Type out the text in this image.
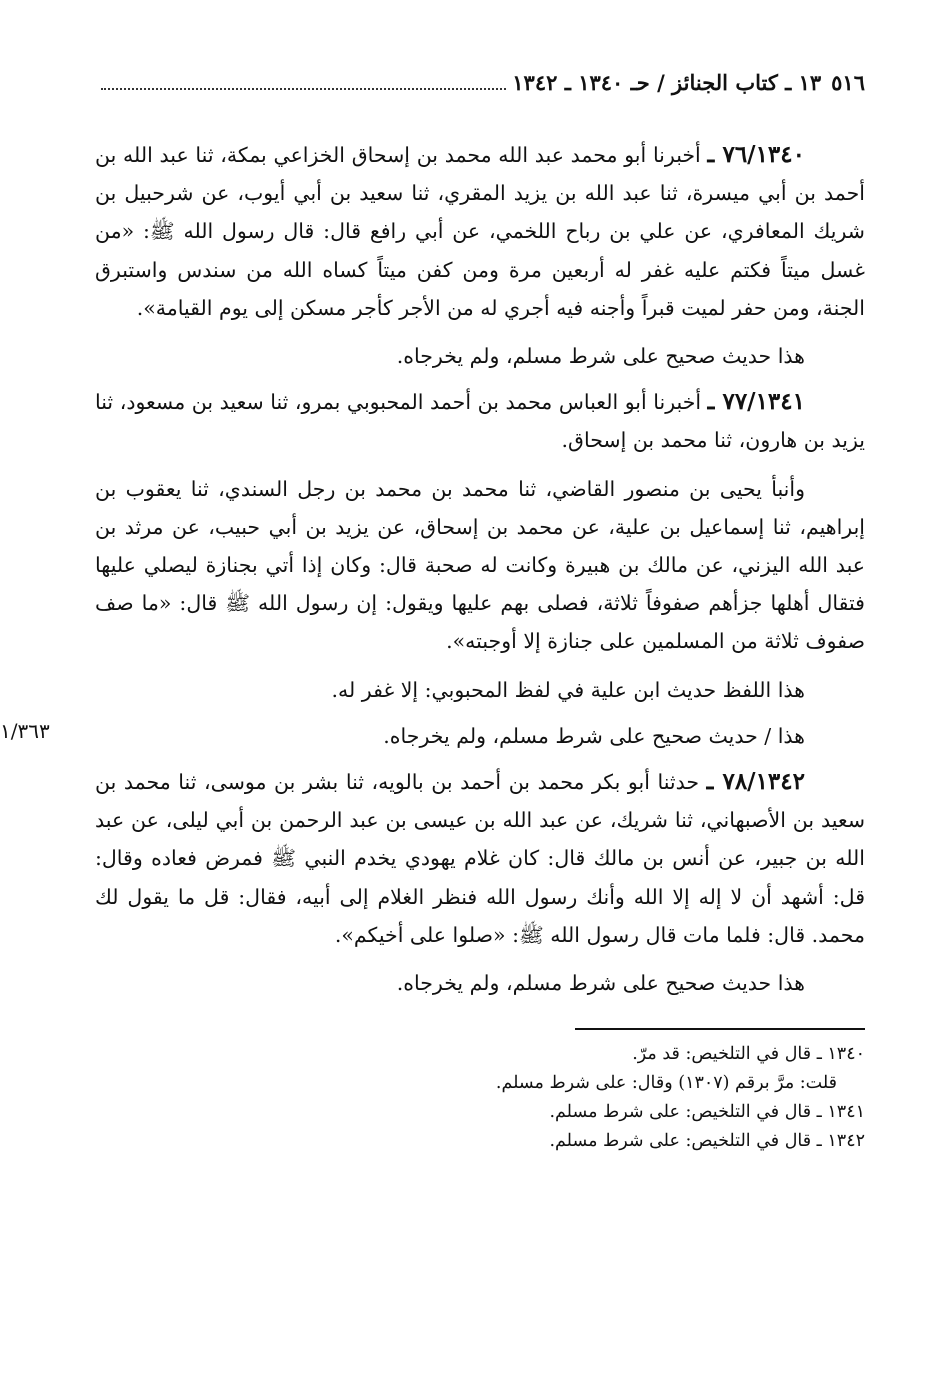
٥١٦
١٣ ـ كتاب الجنائز / حـ ١٣٤٠ ـ ١٣٤٢

٧٦/١٣٤٠ ـ أخبرنا أبو محمد عبد الله محمد بن إسحاق الخزاعي بمكة، ثنا عبد الله بن أحمد بن أبي ميسرة، ثنا عبد الله بن يزيد المقري، ثنا سعيد بن أبي أيوب، عن شرحبيل بن شريك المعافري، عن علي بن رباح اللخمي، عن أبي رافع قال: قال رسول الله ﷺ: «من غسل ميتاً فكتم عليه غفر له أربعين مرة ومن كفن ميتاً كساه الله من سندس واستبرق الجنة، ومن حفر لميت قبراً وأجنه فيه أجري له من الأجر كأجر مسكن إلى يوم القيامة».

هذا حديث صحيح على شرط مسلم، ولم يخرجاه.

٧٧/١٣٤١ ـ أخبرنا أبو العباس محمد بن أحمد المحبوبي بمرو، ثنا سعيد بن مسعود، ثنا يزيد بن هارون، ثنا محمد بن إسحاق.

وأنبأ يحيى بن منصور القاضي، ثنا محمد بن محمد بن رجل السندي، ثنا يعقوب بن إبراهيم، ثنا إسماعيل بن علية، عن محمد بن إسحاق، عن يزيد بن أبي حبيب، عن مرثد بن عبد الله اليزني، عن مالك بن هبيرة وكانت له صحبة قال: وكان إذا أتي بجنازة ليصلي عليها فتقال أهلها جزأهم صفوفاً ثلاثة، فصلى بهم عليها ويقول: إن رسول الله ﷺ قال: «ما صف صفوف ثلاثة من المسلمين على جنازة إلا أوجبته».

هذا اللفظ حديث ابن علية في لفظ المحبوبي: إلا غفر له.

هذا / حديث صحيح على شرط مسلم، ولم يخرجاه.

١/٣٦٣

٧٨/١٣٤٢ ـ حدثنا أبو بكر محمد بن أحمد بن بالويه، ثنا بشر بن موسى، ثنا محمد بن سعيد بن الأصبهاني، ثنا شريك، عن عبد الله بن عيسى بن عبد الرحمن بن أبي ليلى، عن عبد الله بن جبير، عن أنس بن مالك قال: كان غلام يهودي يخدم النبي ﷺ فمرض فعاده وقال: قل: أشهد أن لا إله إلا الله وأنك رسول الله فنظر الغلام إلى أبيه، فقال: قل ما يقول لك محمد. قال: فلما مات قال رسول الله ﷺ: «صلوا على أخيكم».

هذا حديث صحيح على شرط مسلم، ولم يخرجاه.

١٣٤٠ ـ قال في التلخيص: قد مرّ.

قلت: مرَّ برقم (١٣٠٧) وقال: على شرط مسلم.

١٣٤١ ـ قال في التلخيص: على شرط مسلم.

١٣٤٢ ـ قال في التلخيص: على شرط مسلم.
